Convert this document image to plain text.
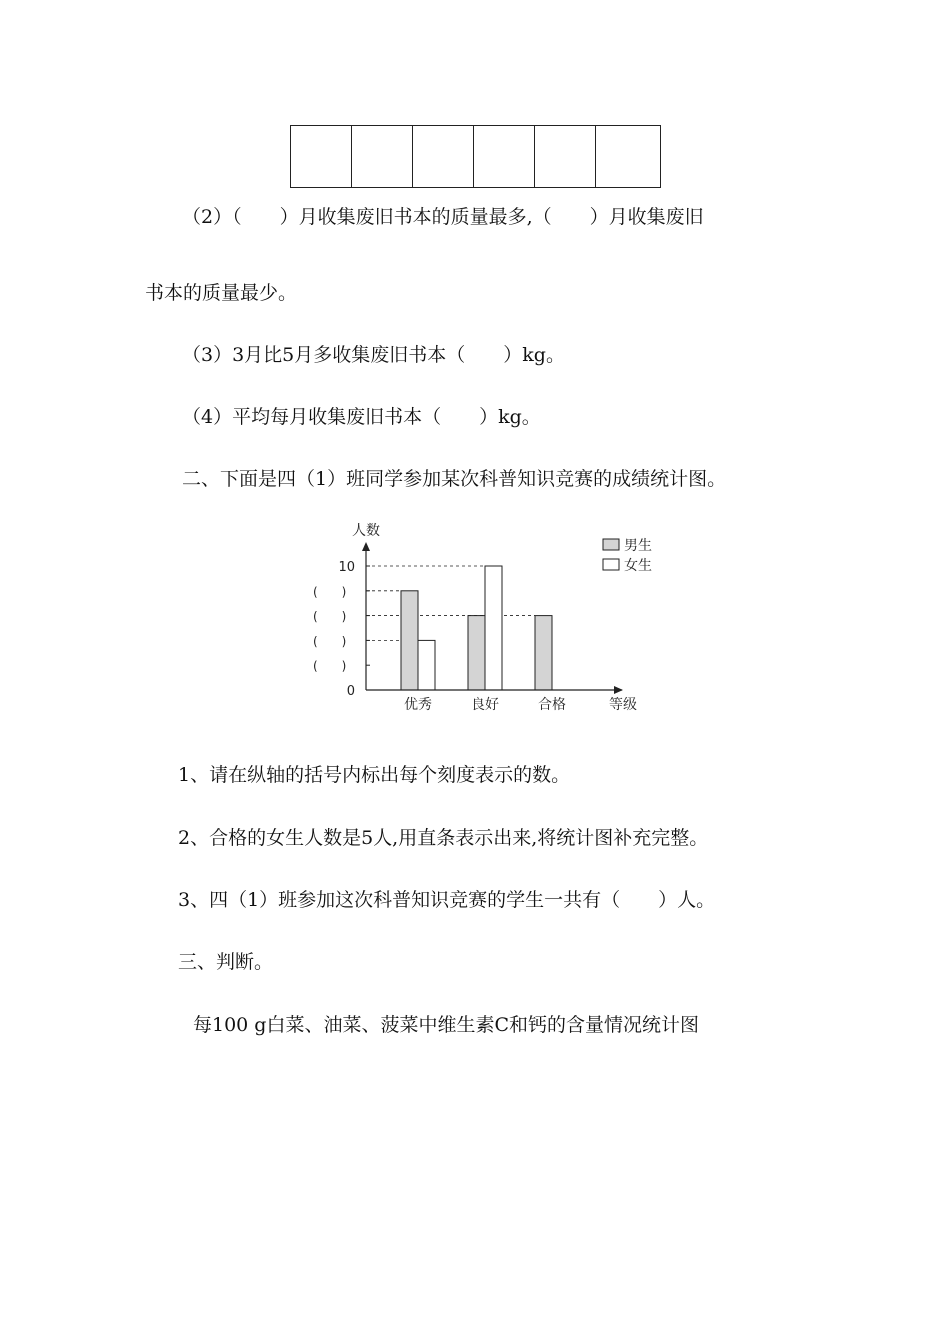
（2）（　　）月收集废旧书本的质量最多,（　　）月收集废旧
书本的质量最少。
（3）3月比5月多收集废旧书本（　　）kg。
（4）平均每月收集废旧书本（　　）kg。
二、下面是四（1）班同学参加某次科普知识竞赛的成绩统计图。
0
(　　)
(　　)
(　　)
(　　)
10
人数
等级
优秀	良好	合格
男生
女生
1、请在纵轴的括号内标出每个刻度表示的数。
2、合格的女生人数是5人,用直条表示出来,将统计图补充完整。
3、四（1）班参加这次科普知识竞赛的学生一共有（　　）人。
三、判断。
每100 g白菜、油菜、菠菜中维生素C和钙的含量情况统计图
